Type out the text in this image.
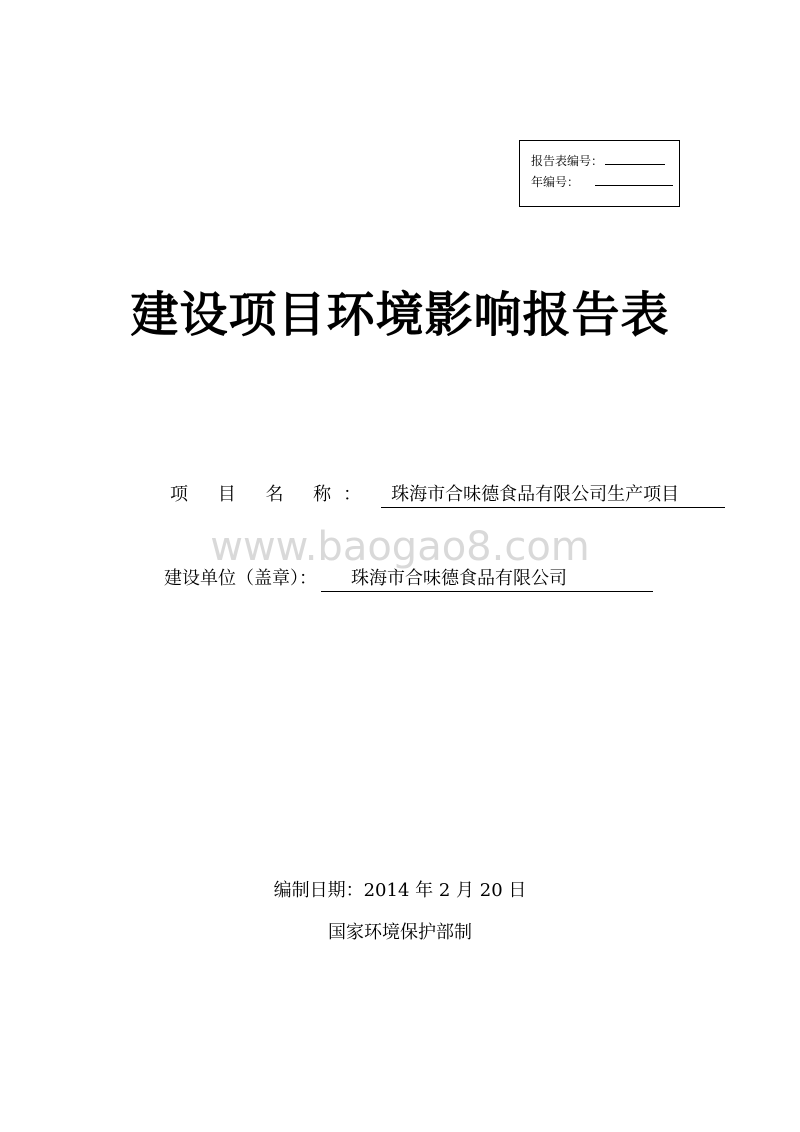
报告表编号：
年编号：
建设项目环境影响报告表
项 目 名 称： 珠海市合味德食品有限公司生产项目
www.baogao8.com
建设单位（盖章）： 珠海市合味德食品有限公司
编制日期：2014 年 2 月 20 日
国家环境保护部制
